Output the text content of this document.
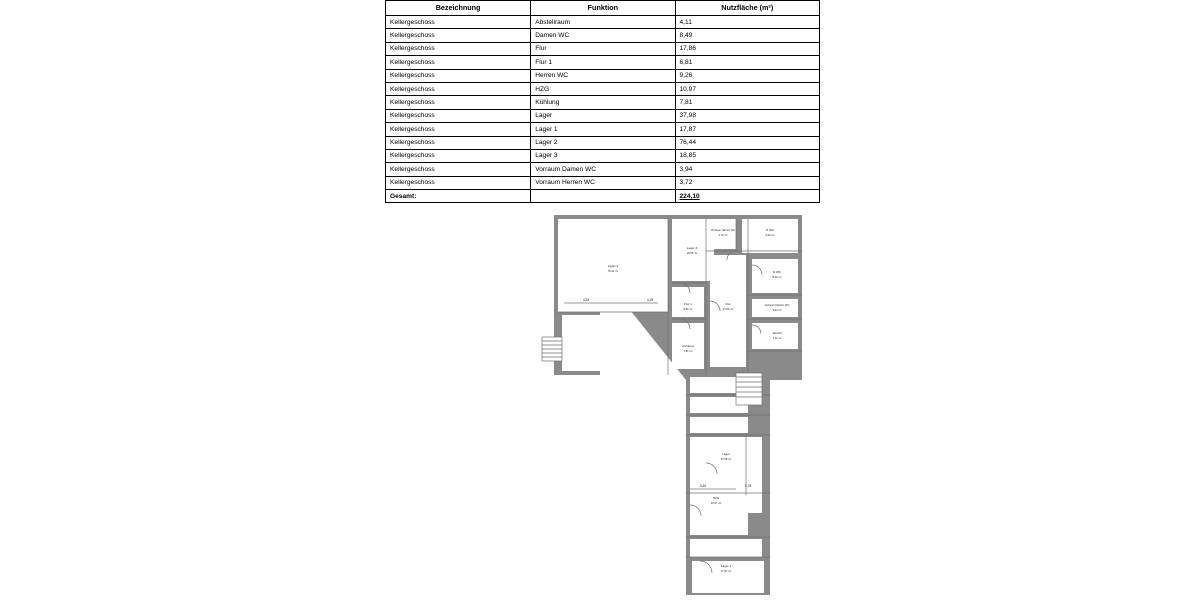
Bezeichnung	Funktion	Nutzfläche (m²)
Kellergeschoss	Abstellraum	4,11
Kellergeschoss	Damen WC	8,49
Kellergeschoss	Flur	17,86
Kellergeschoss	Flur 1	6,81
Kellergeschoss	Herren WC	9,26
Kellergeschoss	HZG	10,97
Kellergeschoss	Kühlung	7,81
Kellergeschoss	Lager	37,98
Kellergeschoss	Lager 1	17,87
Kellergeschoss	Lager 2	76,44
Kellergeschoss	Lager 3	18,85
Kellergeschoss	Vorraum Damen WC	3,94
Kellergeschoss	Vorraum Herren WC	3,72
Gesamt:		224,10
Lager 2
76,44 m²
Lager 3
18,85 m²
Flur 1
6,81 m²
Kühlung
7,81 m²
Flur
17,86 m²
Vorraum Herren WC
3,72 m²
H WC
9,26 m²
D WC
8,49 m²
Vorraum Damen WC
3,94 m²
Abstell
4,11 m²
Lager
37,98 m²
HZG
10,97 m²
Lager 1
17,87 m²
4,33	4,19
3,10	1,79
